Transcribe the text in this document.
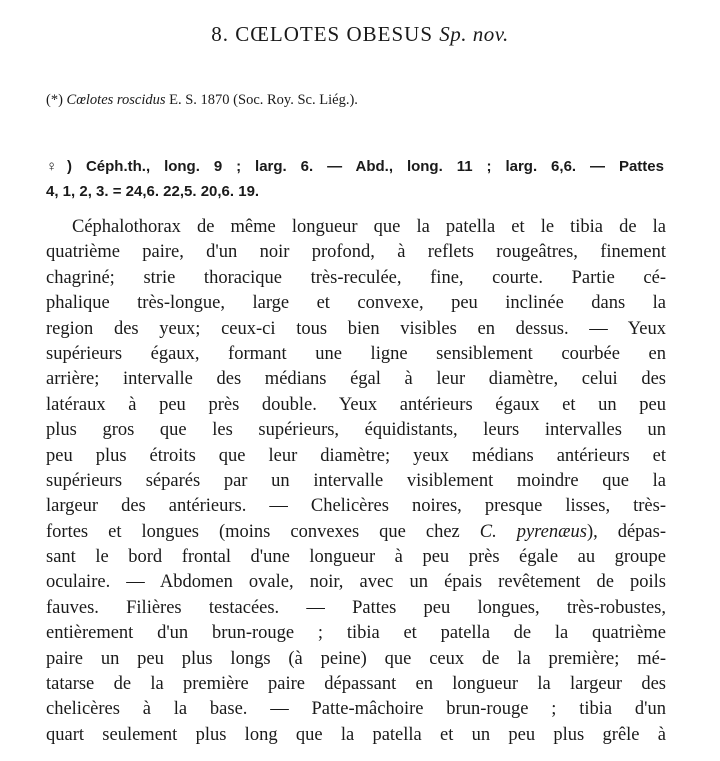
8. CŒLOTES OBESUS Sp. nov.
(*) Cœlotes roscidus E. S. 1870 (Soc. Roy. Sc. Liég.).
♀) Céph.th., long. 9 ; larg. 6. — Abd., long. 11 ; larg. 6,6. — Pattes
4, 1, 2, 3. = 24,6. 22,5. 20,6. 19.
Céphalothorax de même longueur que la patella et le tibia de la
quatrième paire, d'un noir profond, à reflets rougeâtres, finement
chagriné; strie thoracique très-reculée, fine, courte. Partie cé-
phalique très-longue, large et convexe, peu inclinée dans la
region des yeux; ceux-ci tous bien visibles en dessus. — Yeux
supérieurs égaux, formant une ligne sensiblement courbée en
arrière; intervalle des médians égal à leur diamètre, celui des
latéraux à peu près double. Yeux antérieurs égaux et un peu
plus gros que les supérieurs, équidistants, leurs intervalles un
peu plus étroits que leur diamètre; yeux médians antérieurs et
supérieurs séparés par un intervalle visiblement moindre que la
largeur des antérieurs. — Chelicères noires, presque lisses, très-
fortes et longues (moins convexes que chez C. pyrenæus), dépas-
sant le bord frontal d'une longueur à peu près égale au groupe
oculaire. — Abdomen ovale, noir, avec un épais revêtement de poils
fauves. Filières testacées. — Pattes peu longues, très-robustes,
entièrement d'un brun-rouge ; tibia et patella de la quatrième
paire un peu plus longs (à peine) que ceux de la première; mé-
tatarse de la première paire dépassant en longueur la largeur des
chelicères à la base. — Patte-mâchoire brun-rouge ; tibia d'un
quart seulement plus long que la patella et un peu plus grêle à
